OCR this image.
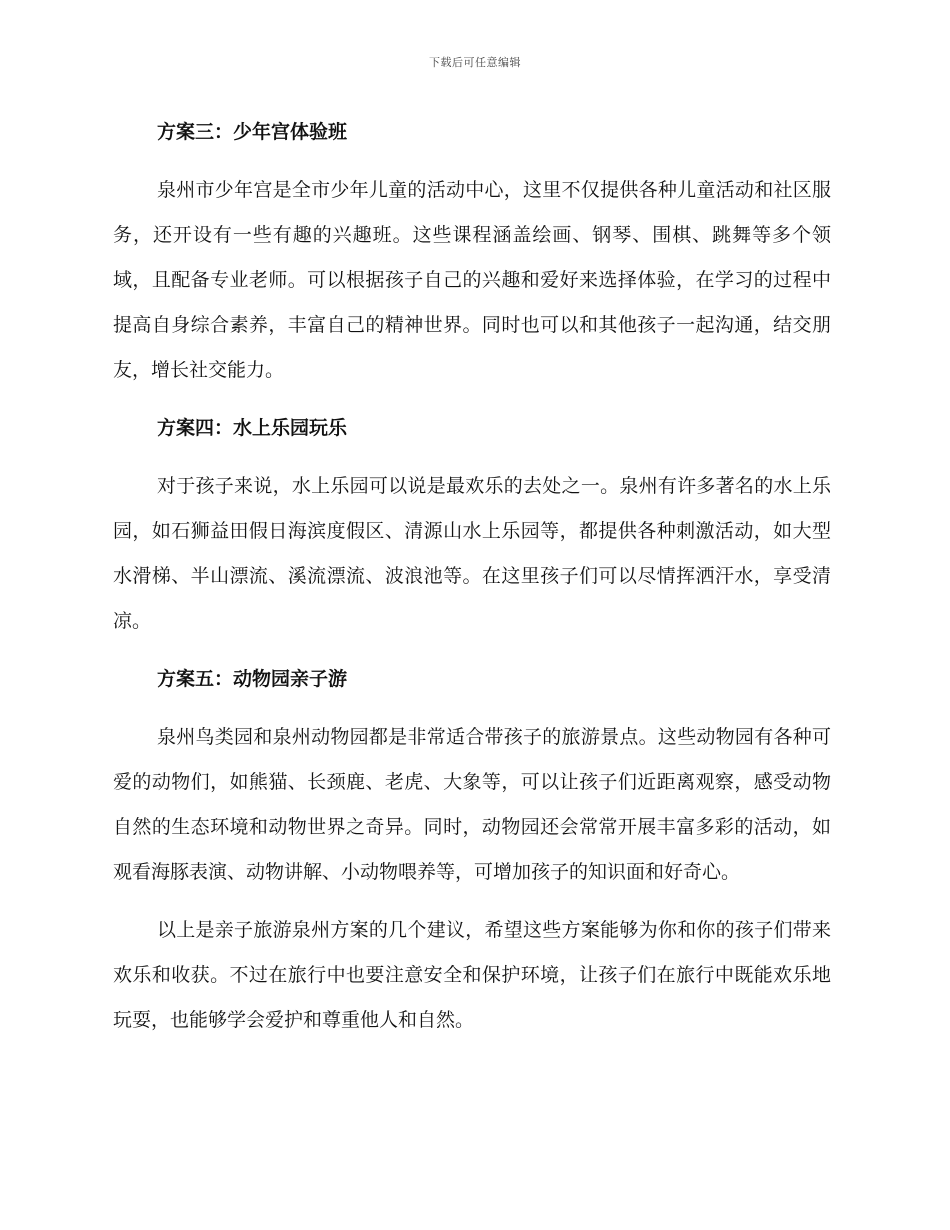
下载后可任意编辑
方案三：少年宫体验班

泉州市少年宫是全市少年儿童的活动中心，这里不仅提供各种儿童活动和社区服务，还开设有一些有趣的兴趣班。这些课程涵盖绘画、钢琴、围棋、跳舞等多个领域，且配备专业老师。可以根据孩子自己的兴趣和爱好来选择体验，在学习的过程中提高自身综合素养，丰富自己的精神世界。同时也可以和其他孩子一起沟通，结交朋友，增长社交能力。

方案四：水上乐园玩乐

对于孩子来说，水上乐园可以说是最欢乐的去处之一。泉州有许多著名的水上乐园，如石狮益田假日海滨度假区、清源山水上乐园等，都提供各种刺激活动，如大型水滑梯、半山漂流、溪流漂流、波浪池等。在这里孩子们可以尽情挥洒汗水，享受清凉。

方案五：动物园亲子游

泉州鸟类园和泉州动物园都是非常适合带孩子的旅游景点。这些动物园有各种可爱的动物们，如熊猫、长颈鹿、老虎、大象等，可以让孩子们近距离观察，感受动物自然的生态环境和动物世界之奇异。同时，动物园还会常常开展丰富多彩的活动，如观看海豚表演、动物讲解、小动物喂养等，可增加孩子的知识面和好奇心。

以上是亲子旅游泉州方案的几个建议，希望这些方案能够为你和你的孩子们带来欢乐和收获。不过在旅行中也要注意安全和保护环境，让孩子们在旅行中既能欢乐地玩耍，也能够学会爱护和尊重他人和自然。
